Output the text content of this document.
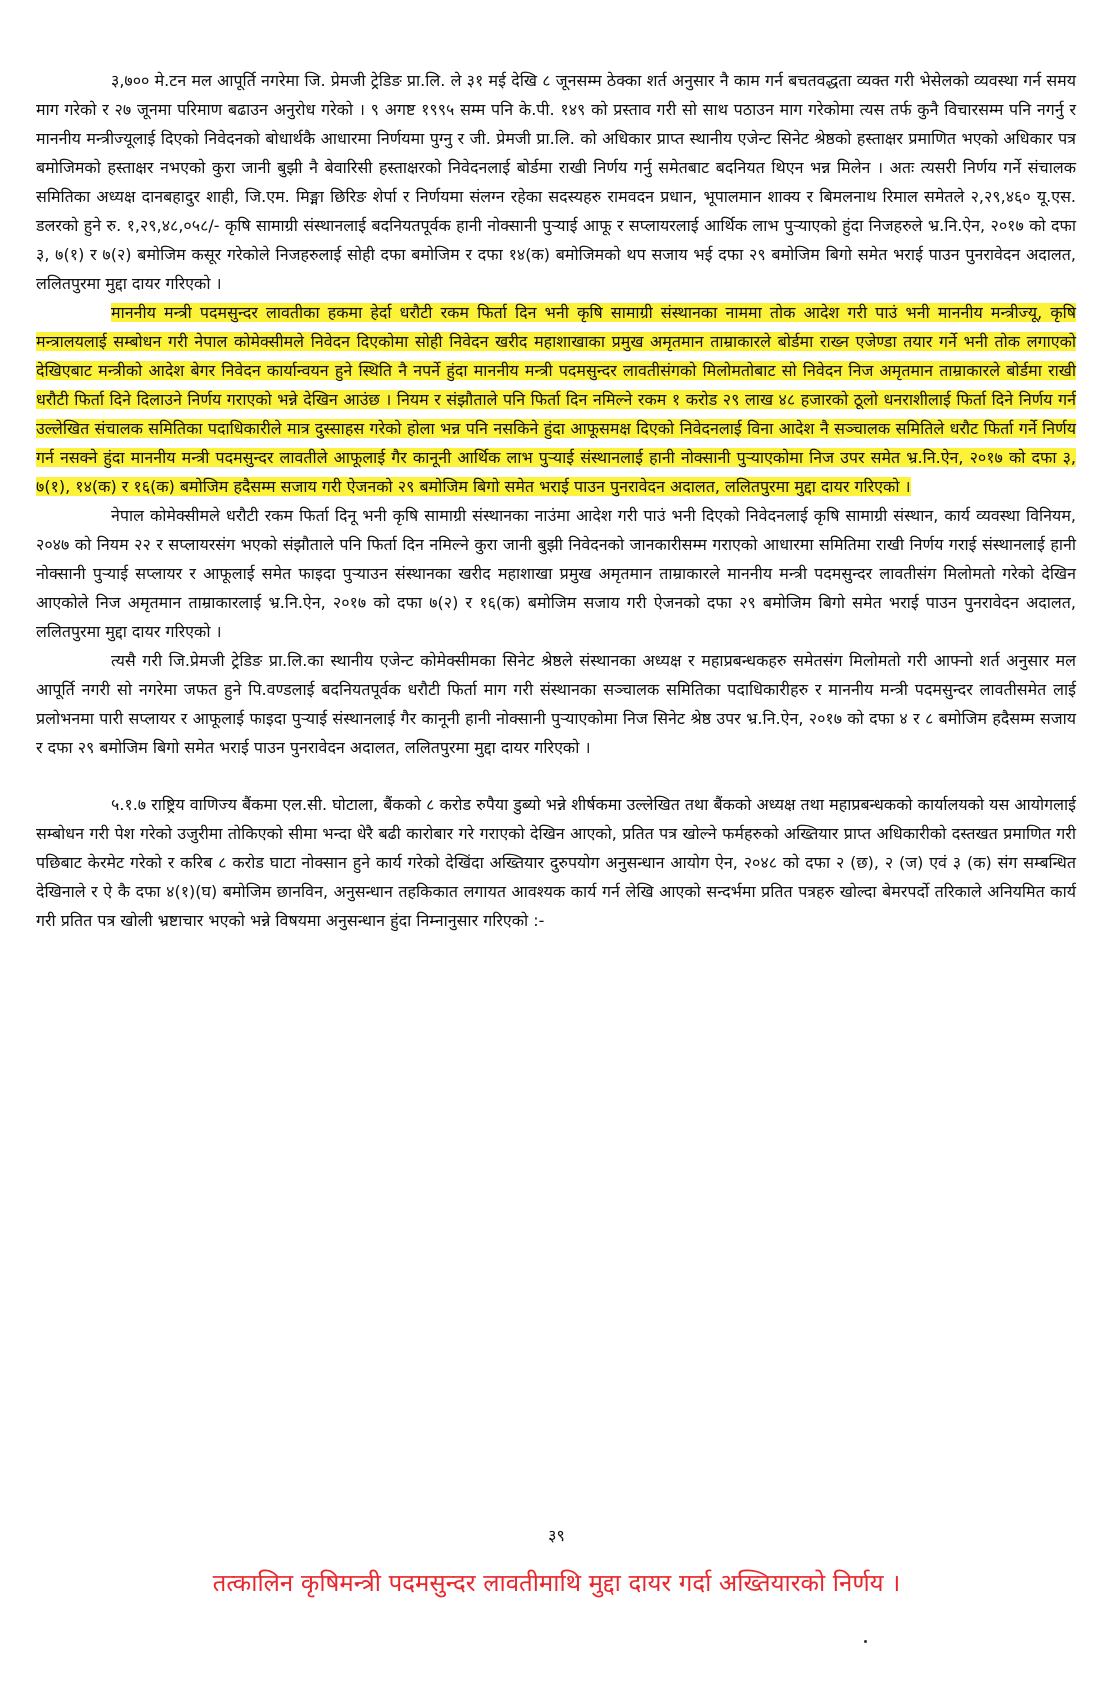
३,७०० मे.टन मल आपूर्ति नगरेमा जि. प्रेमजी ट्रेडिङ प्रा.लि. ले ३१ मई देखि ८ जूनसम्म ठेक्का शर्त अनुसार नै काम गर्न बचतवद्धता व्यक्त गरी भेसेलको व्यवस्था गर्न समय माग गरेको र २७ जूनमा परिमाण बढाउन अनुरोध गरेको । ९ अगष्ट १९९५ सम्म पनि के.पी. १४९ को प्रस्ताव गरी सो साथ पठाउन माग गरेकोमा त्यस तर्फ कुनै विचारसम्म पनि नगर्नु र माननीय मन्त्रीज्यूलाई दिएको निवेदनको बोधार्थकै आधारमा निर्णयमा पुग्नु र जी. प्रेमजी प्रा.लि. को अधिकार प्राप्त स्थानीय एजेन्ट सिनेट श्रेष्ठको हस्ताक्षर प्रमाणित भएको अधिकार पत्र बमोजिमको हस्ताक्षर नभएको कुरा जानी बुझी नै बेवारिसी हस्ताक्षरको निवेदनलाई बोर्डमा राखी निर्णय गर्नु समेतबाट बदनियत थिएन भन्न मिलेन । अतः त्यसरी निर्णय गर्ने संचालक समितिका अध्यक्ष दानबहादुर शाही, जि.एम. मिङ्मा छिरिङ शेर्पा र निर्णयमा संलग्न रहेका सदस्यहरु रामवदन प्रधान, भूपालमान शाक्य र बिमलनाथ रिमाल समेतले २,२९,४६० यू.एस. डलरको हुने रु. १,२९,४८,०५८/- कृषि सामाग्री संस्थानलाई बदनियतपूर्वक हानी नोक्सानी पुऱ्याई आफू र सप्लायरलाई आर्थिक लाभ पुऱ्याएको हुंदा निजहरुले भ्र.नि.ऐन, २०१७ को दफा ३, ७(१) र ७(२) बमोजिम कसूर गरेकोले निजहरुलाई सोही दफा बमोजिम र दफा १४(क) बमोजिमको थप सजाय भई दफा २९ बमोजिम बिगो समेत भराई पाउन पुनरावेदन अदालत, ललितपुरमा मुद्दा दायर गरिएको ।

माननीय मन्त्री पदमसुन्दर लावतीका हकमा हेर्दा धरौटी रकम फिर्ता दिन भनी कृषि सामाग्री संस्थानका नाममा तोक आदेश गरी पाउं भनी माननीय मन्त्रीज्यू, कृषि मन्त्रालयलाई सम्बोधन गरी नेपाल कोमेक्सीमले निवेदन दिएकोमा सोही निवेदन खरीद महाशाखाका प्रमुख अमृतमान ताम्राकारले बोर्डमा राख्न एजेण्डा तयार गर्ने भनी तोक लगाएको देखिएबाट मन्त्रीको आदेश बेगर निवेदन कार्यान्वयन हुने स्थिति नै नपर्ने हुंदा माननीय मन्त्री पदमसुन्दर लावतीसंगको मिलोमतोबाट सो निवेदन निज अमृतमान ताम्राकारले बोर्डमा राखी धरौटी फिर्ता दिने दिलाउने निर्णय गराएको भन्ने देखिन आउंछ । नियम र संझौताले पनि फिर्ता दिन नमिल्ने रकम १ करोड २९ लाख ४८ हजारको ठूलो धनराशीलाई फिर्ता दिने निर्णय गर्न उल्लेखित संचालक समितिका पदाधिकारीले मात्र दुस्साहस गरेको होला भन्न पनि नसकिने हुंदा आफूसमक्ष दिएको निवेदनलाई विना आदेश नै सञ्चालक समितिले धरौट फिर्ता गर्ने निर्णय गर्न नसक्ने हुंदा माननीय मन्त्री पदमसुन्दर लावतीले आफूलाई गैर कानूनी आर्थिक लाभ पुऱ्याई संस्थानलाई हानी नोक्सानी पुऱ्याएकोमा निज उपर समेत भ्र.नि.ऐन, २०१७ को दफा ३, ७(१), १४(क) र १६(क) बमोजिम हदैसम्म सजाय गरी ऐजनको २९ बमोजिम बिगो समेत भराई पाउन पुनरावेदन अदालत, ललितपुरमा मुद्दा दायर गरिएको ।

नेपाल कोमेक्सीमले धरौटी रकम फिर्ता दिनू भनी कृषि सामाग्री संस्थानका नाउंमा आदेश गरी पाउं भनी दिएको निवेदनलाई कृषि सामाग्री संस्थान, कार्य व्यवस्था विनियम, २०४७ को नियम २२ र सप्लायरसंग भएको संझौताले पनि फिर्ता दिन नमिल्ने कुरा जानी बुझी निवेदनको जानकारीसम्म गराएको आधारमा समितिमा राखी निर्णय गराई संस्थानलाई हानी नोक्सानी पुऱ्याई सप्लायर र आफूलाई समेत फाइदा पुऱ्याउन संस्थानका खरीद महाशाखा प्रमुख अमृतमान ताम्राकारले माननीय मन्त्री पदमसुन्दर लावतीसंग मिलोमतो गरेको देखिन आएकोले निज अमृतमान ताम्राकारलाई भ्र.नि.ऐन, २०१७ को दफा ७(२) र १६(क) बमोजिम सजाय गरी ऐजनको दफा २९ बमोजिम बिगो समेत भराई पाउन पुनरावेदन अदालत, ललितपुरमा मुद्दा दायर गरिएको ।

त्यसै गरी जि.प्रेमजी ट्रेडिङ प्रा.लि.का स्थानीय एजेन्ट कोमेक्सीमका सिनेट श्रेष्ठले संस्थानका अध्यक्ष र महाप्रबन्धकहरु समेतसंग मिलोमतो गरी आफ्नो शर्त अनुसार मल आपूर्ति नगरी सो नगरेमा जफत हुने पि.वण्डलाई बदनियतपूर्वक धरौटी फिर्ता माग गरी संस्थानका सञ्चालक समितिका पदाधिकारीहरु र माननीय मन्त्री पदमसुन्दर लावतीसमेत लाई प्रलोभनमा पारी सप्लायर र आफूलाई फाइदा पुऱ्याई संस्थानलाई गैर कानूनी हानी नोक्सानी पुऱ्याएकोमा निज सिनेट श्रेष्ठ उपर भ्र.नि.ऐन, २०१७ को दफा ४ र ८ बमोजिम हदैसम्म सजाय र दफा २९ बमोजिम बिगो समेत भराई पाउन पुनरावेदन अदालत, ललितपुरमा मुद्दा दायर गरिएको ।

५.१.७ राष्ट्रिय वाणिज्य बैंकमा एल.सी. घोटाला, बैंकको ८ करोड रुपैया डुब्यो भन्ने शीर्षकमा उल्लेखित तथा बैंकको अध्यक्ष तथा महाप्रबन्धकको कार्यालयको यस आयोगलाई सम्बोधन गरी पेश गरेको उजुरीमा तोकिएको सीमा भन्दा धेरै बढी कारोबार गरे गराएको देखिन आएको, प्रतित पत्र खोल्ने फर्महरुको अख्तियार प्राप्त अधिकारीको दस्तखत प्रमाणित गरी पछिबाट केरमेट गरेको र करिब ८ करोड घाटा नोक्सान हुने कार्य गरेको देखिंदा अख्तियार दुरुपयोग अनुसन्धान आयोग ऐन, २०४८ को दफा २ (छ), २ (ज) एवं ३ (क) संग सम्बन्धित देखिनाले र ऐ कै दफा ४(१)(घ) बमोजिम छानविन, अनुसन्धान तहकिकात लगायत आवश्यक कार्य गर्न लेखि आएको सन्दर्भमा प्रतित पत्रहरु खोल्दा बेमरपर्दो तरिकाले अनियमित कार्य गरी प्रतित पत्र खोली भ्रष्टाचार भएको भन्ने विषयमा अनुसन्धान हुंदा निम्नानुसार गरिएको :-

३९
तत्कालिन कृषिमन्त्री पदमसुन्दर लावतीमाथि मुद्दा दायर गर्दा अख्तियारको निर्णय ।
